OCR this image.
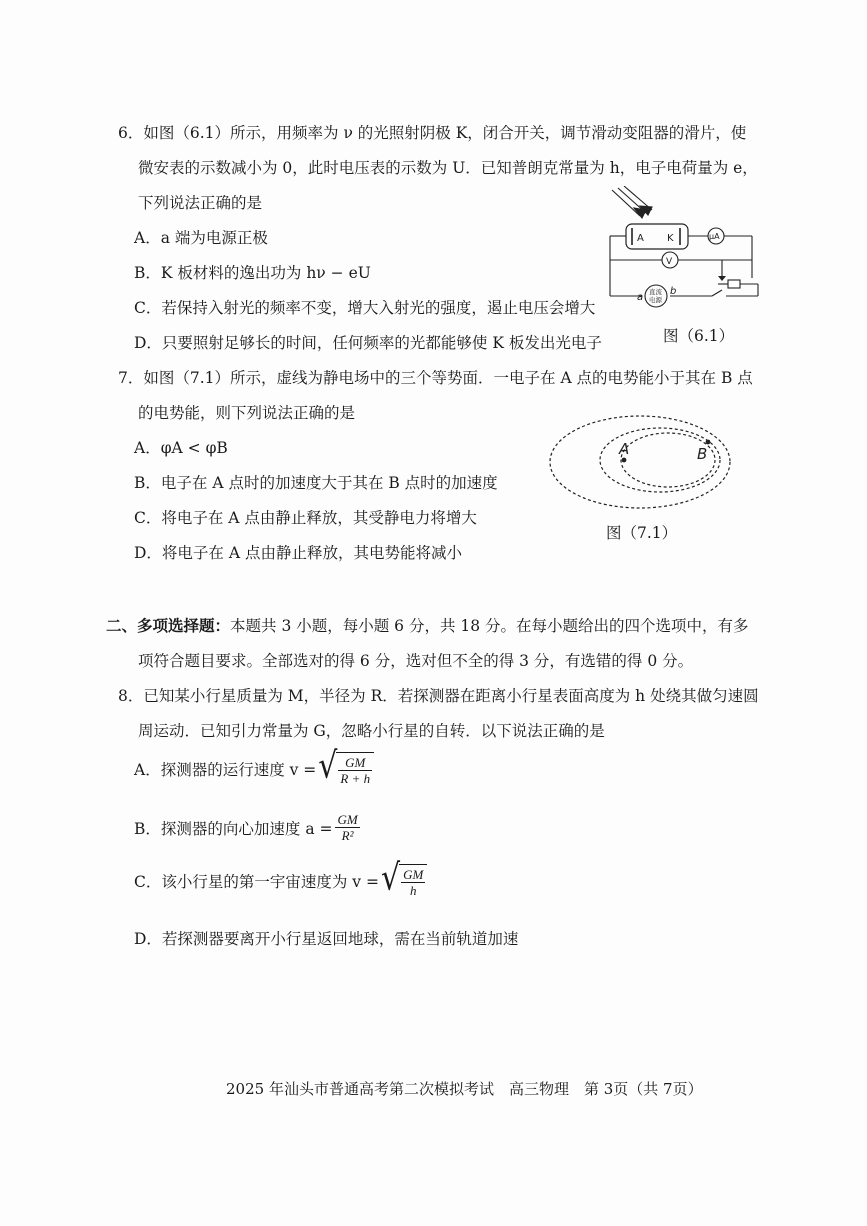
6．如图（6.1）所示，用频率为 ν 的光照射阴极 K，闭合开关，调节滑动变阻器的滑片，使
微安表的示数减小为 0，此时电压表的示数为 U．已知普朗克常量为 h，电子电荷量为 e，
下列说法正确的是
A．a 端为电源正极
B．K 板材料的逸出功为 hν − eU
C．若保持入射光的频率不变，增大入射光的强度，遏止电压会增大
D．只要照射足够长的时间，任何频率的光都能够使 K 板发出光电子
A K	μA
V
直流
电源
a
b
图（6.1）
7．如图（7.1）所示，虚线为静电场中的三个等势面．一电子在 A 点的电势能小于其在 B 点
的电势能，则下列说法正确的是
A．φA < φB
B．电子在 A 点时的加速度大于其在 B 点时的加速度
C．将电子在 A 点由静止释放，其受静电力将增大
D．将电子在 A 点由静止释放，其电势能将减小
A	B
图（7.1）
二、多项选择题：本题共 3 小题，每小题 6 分，共 18 分。在每小题给出的四个选项中，有多
项符合题目要求。全部选对的得 6 分，选对但不全的得 3 分，有选错的得 0 分。
8．已知某小行星质量为 M，半径为 R．若探测器在距离小行星表面高度为 h 处绕其做匀速圆
周运动．已知引力常量为 G，忽略小行星的自转．以下说法正确的是
A．探测器的运行速度 v = √ $\frac{GM}{R + h}$
B．探测器的向心加速度 $a = \frac{GM}{\text{R²}}$
C．该小行星的第一宇宙速度为 v = √ $\frac{GM}{h}$
D．若探测器要离开小行星返回地球，需在当前轨道加速
2025 年汕头市普通高考第二次模拟考试　高三物理　第 3页（共 7页）
